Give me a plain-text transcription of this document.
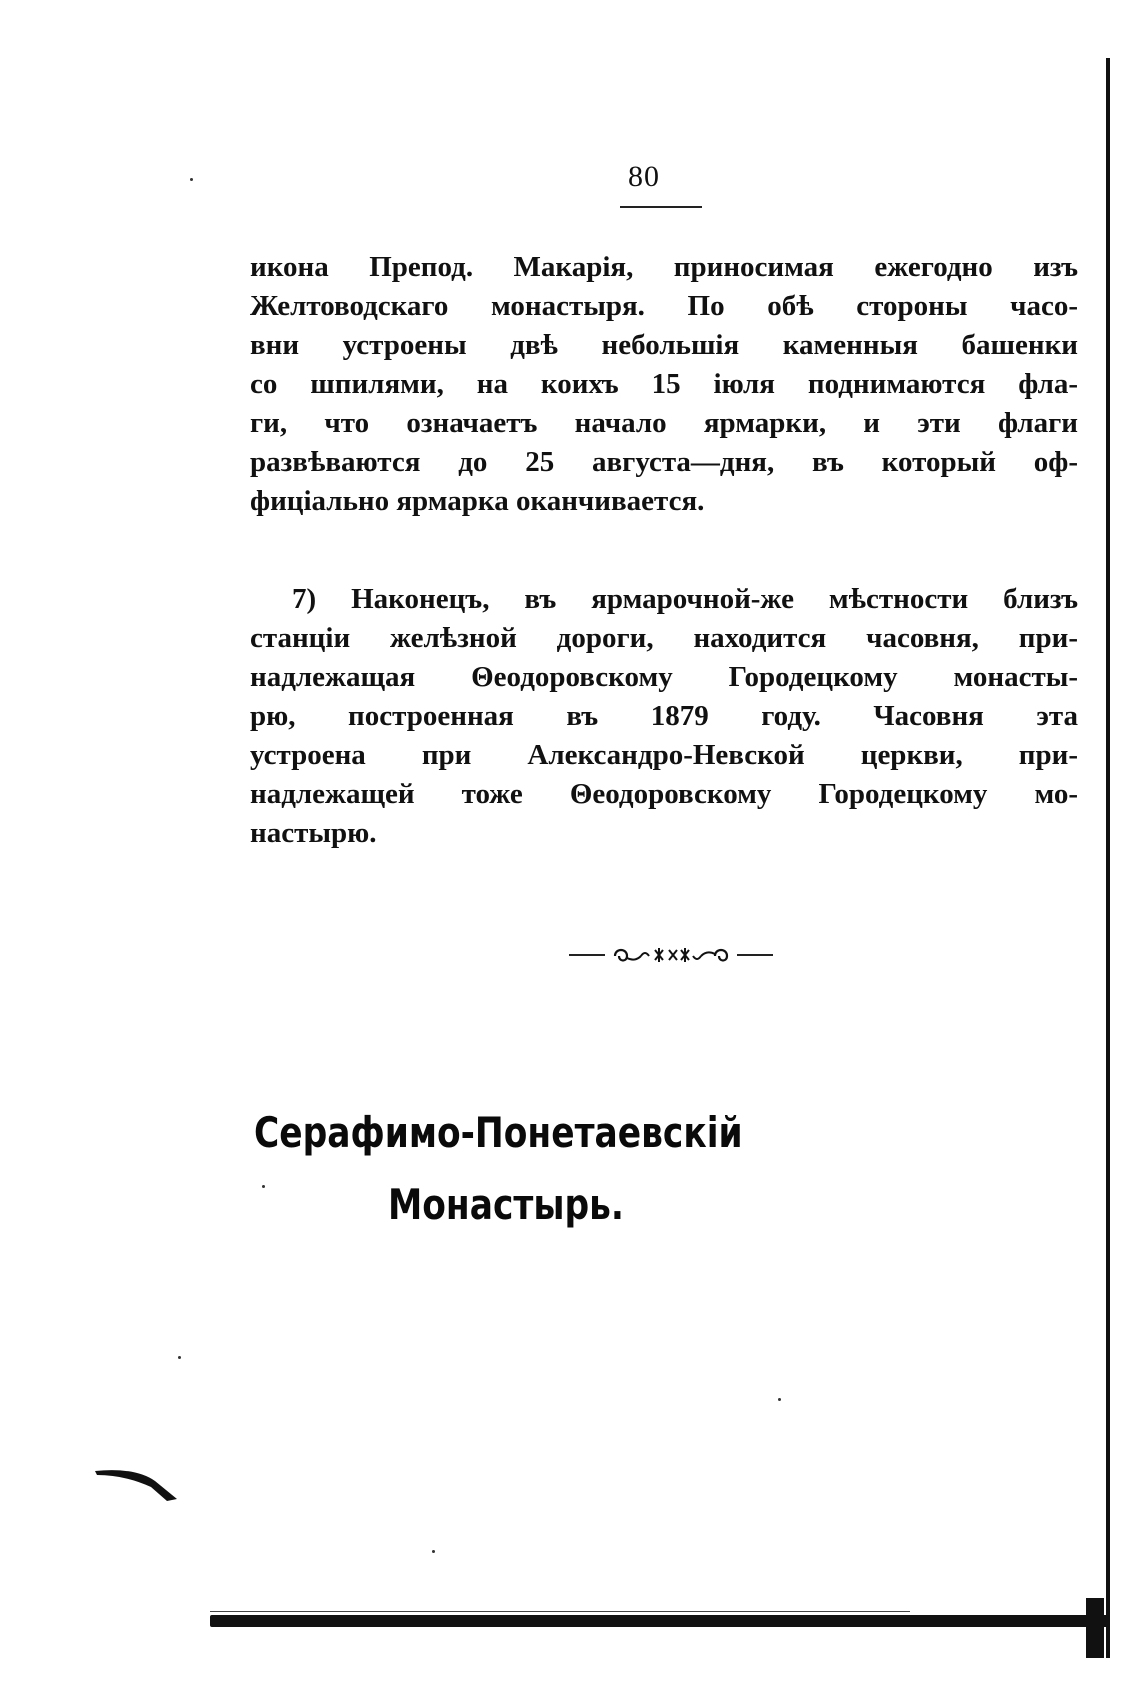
80
икона Препод. Макарія, приносимая ежегодно изъ
Желтоводскаго монастыря. По обѣ стороны часо-
вни устроены двѣ небольшія каменныя башенки
со шпилями, на коихъ 15 іюля поднимаются фла-
ги, что означаетъ начало ярмарки, и эти флаги
развѣваются до 25 августа—дня, въ который оф-
фиціально ярмарка оканчивается.
7) Наконецъ, въ ярмарочной-же мѣстности близъ
станціи желѣзной дороги, находится часовня, при-
надлежащая Θеодоровскому Городецкому монасты-
рю, построенная въ 1879 году. Часовня эта
устроена при Александро-Невской церкви, при-
надлежащей тоже Θеодоровскому Городецкому мо-
настырю.
Серафимо-Понетаевскій
Монастырь.
